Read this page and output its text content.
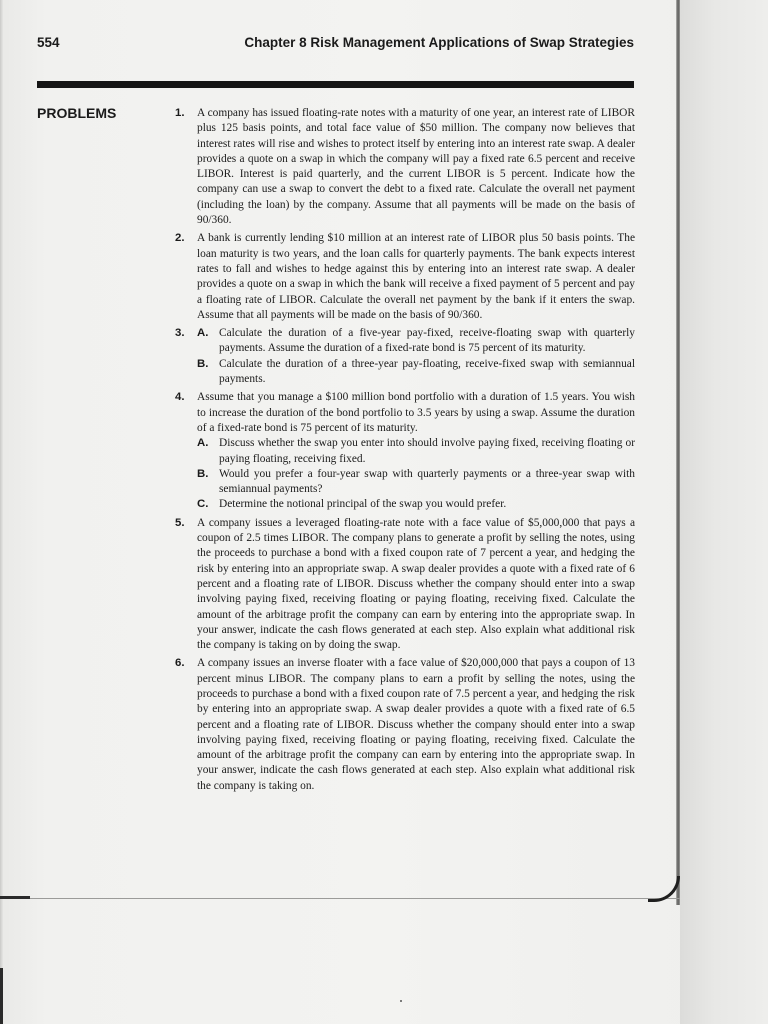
554	Chapter 8 Risk Management Applications of Swap Strategies
PROBLEMS	1. A company has issued floating-rate notes with a maturity of one year, an interest rate of LIBOR plus 125 basis points, and total face value of $50 million. The company now believes that interest rates will rise and wishes to protect itself by entering into an interest rate swap. A dealer provides a quote on a swap in which the company will pay a fixed rate 6.5 percent and receive LIBOR. Interest is paid quarterly, and the current LIBOR is 5 percent. Indicate how the company can use a swap to convert the debt to a fixed rate. Calculate the overall net payment (including the loan) by the company. Assume that all payments will be made on the basis of 90/360.
2. A bank is currently lending $10 million at an interest rate of LIBOR plus 50 basis points. The loan maturity is two years, and the loan calls for quarterly payments. The bank expects interest rates to fall and wishes to hedge against this by entering into an interest rate swap. A dealer provides a quote on a swap in which the bank will receive a fixed payment of 5 percent and pay a floating rate of LIBOR. Calculate the overall net payment by the bank if it enters the swap. Assume that all payments will be made on the basis of 90/360.
3. A. Calculate the duration of a five-year pay-fixed, receive-floating swap with quarterly payments. Assume the duration of a fixed-rate bond is 75 percent of its maturity.
B. Calculate the duration of a three-year pay-floating, receive-fixed swap with semiannual payments.
4. Assume that you manage a $100 million bond portfolio with a duration of 1.5 years. You wish to increase the duration of the bond portfolio to 3.5 years by using a swap. Assume the duration of a fixed-rate bond is 75 percent of its maturity.
A. Discuss whether the swap you enter into should involve paying fixed, receiving floating or paying floating, receiving fixed.
B. Would you prefer a four-year swap with quarterly payments or a three-year swap with semiannual payments?
C. Determine the notional principal of the swap you would prefer.
5. A company issues a leveraged floating-rate note with a face value of $5,000,000 that pays a coupon of 2.5 times LIBOR. The company plans to generate a profit by selling the notes, using the proceeds to purchase a bond with a fixed coupon rate of 7 percent a year, and hedging the risk by entering into an appropriate swap. A swap dealer provides a quote with a fixed rate of 6 percent and a floating rate of LIBOR. Discuss whether the company should enter into a swap involving paying fixed, receiving floating or paying floating, receiving fixed. Calculate the amount of the arbitrage profit the company can earn by entering into the appropriate swap. In your answer, indicate the cash flows generated at each step. Also explain what additional risk the company is taking on by doing the swap.
6. A company issues an inverse floater with a face value of $20,000,000 that pays a coupon of 13 percent minus LIBOR. The company plans to earn a profit by selling the notes, using the proceeds to purchase a bond with a fixed coupon rate of 7.5 percent a year, and hedging the risk by entering into an appropriate swap. A swap dealer provides a quote with a fixed rate of 6.5 percent and a floating rate of LIBOR. Discuss whether the company should enter into a swap involving paying fixed, receiving floating or paying floating, receiving fixed. Calculate the amount of the arbitrage profit the company can earn by entering into the appropriate swap. In your answer, indicate the cash flows generated at each step. Also explain what additional risk the company is taking on.
